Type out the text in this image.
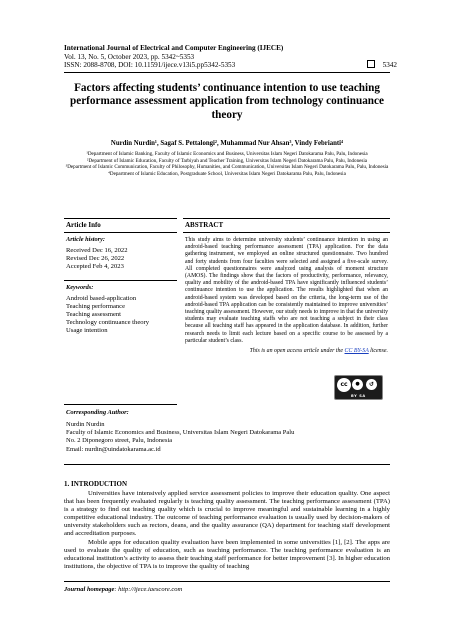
International Journal of Electrical and Computer Engineering (IJECE)
Vol. 13, No. 5, October 2023, pp. 5342~5353
ISSN: 2088-8708, DOI: 10.11591/ijece.v13i5.pp5342-5353	5342
Factors affecting students’ continuance intention to use teaching performance assessment application from technology continuance theory
Nurdin Nurdin¹, Sagaf S. Pettalongi², Muhammad Nur Ahsan³, Vindy Febrianti⁴

¹Department of Islamic Banking, Faculty of Islamic Economics and Business, Universitas Islam Negeri Datokarama Palu, Palu, Indonesia

²Department of Islamic Education, Faculty of Tarbiyah and Teacher Training, Universitas Islam Negeri Datokarama Palu, Palu, Indonesia

³Department of Islamic Communication, Faculty of Philosophy, Humanities, and Communication, Universitas Islam Negeri Datokarama Palu, Palu, Indonesia

⁴Department of Islamic Education, Postgraduate School, Universitas Islam Negeri Datokarama Palu, Palu, Indonesia

Article Info
Article history:
Received Dec 16, 2022
Revised Dec 26, 2022
Accepted Feb 4, 2023
Keywords:
Android based-application
Teaching performance
Teaching assessment
Technology continuance theory
Usage intention
ABSTRACT
This study aims to determine university students’ continuance intention in using an android-based teaching performance assessment (TPA) application. For the data gathering instrument, we employed an online structured questionnaire. Two hundred and forty students from four faculties were selected and assigned a five-scale survey. All completed questionnaires were analyzed using analysis of moment structure (AMOS). The findings show that the factors of productivity, performance, relevancy, quality and mobility of the android-based TPA have significantly influenced students’ continuance intention to use the application. The results highlighted that when an android-based system was developed based on the criteria, the long-term use of the android-based TPA application can be consistently maintained to improve universities’ teaching quality assessment. However, our study needs to improve in that the university students may evaluate teaching staffs who are not teaching a subject in their class because all teaching staff has appeared in the application database. In addition, further research needs to limit each lecture based on a specific course to be assessed by a particular student’s class.
This is an open access article under the CC BY-SA license.
cc	●	↺
BY SA
Corresponding Author:
Nurdin Nurdin
Faculty of Islamic Economics and Business, Universitas Islam Negeri Datokarama Palu
No. 2 Diponegoro street, Palu, Indonesia
Email: nurdin@uindatokarama.ac.id
1. INTRODUCTION

Universities have intensively applied service assessment policies to improve their education quality. One aspect that has been frequently evaluated regularly is teaching quality assessment. The teaching performance assessment (TPA) is a strategy to find out teaching quality which is crucial to improve meaningful and sustainable learning in a highly competitive educational industry. The outcome of teaching performance evaluation is usually used by decision-makers of university stakeholders such as rectors, deans, and the quality assurance (QA) department for teaching staff development and accreditation purposes.

Mobile apps for education quality evaluation have been implemented in some universities [1], [2]. The apps are used to evaluate the quality of education, such as teaching performance. The teaching performance evaluation is an educational institution’s activity to assess their teaching staff performance for better improvement [3]. In higher education institutions, the objective of TPA is to improve the quality of teaching

Journal homepage: http://ijece.iaescore.com
